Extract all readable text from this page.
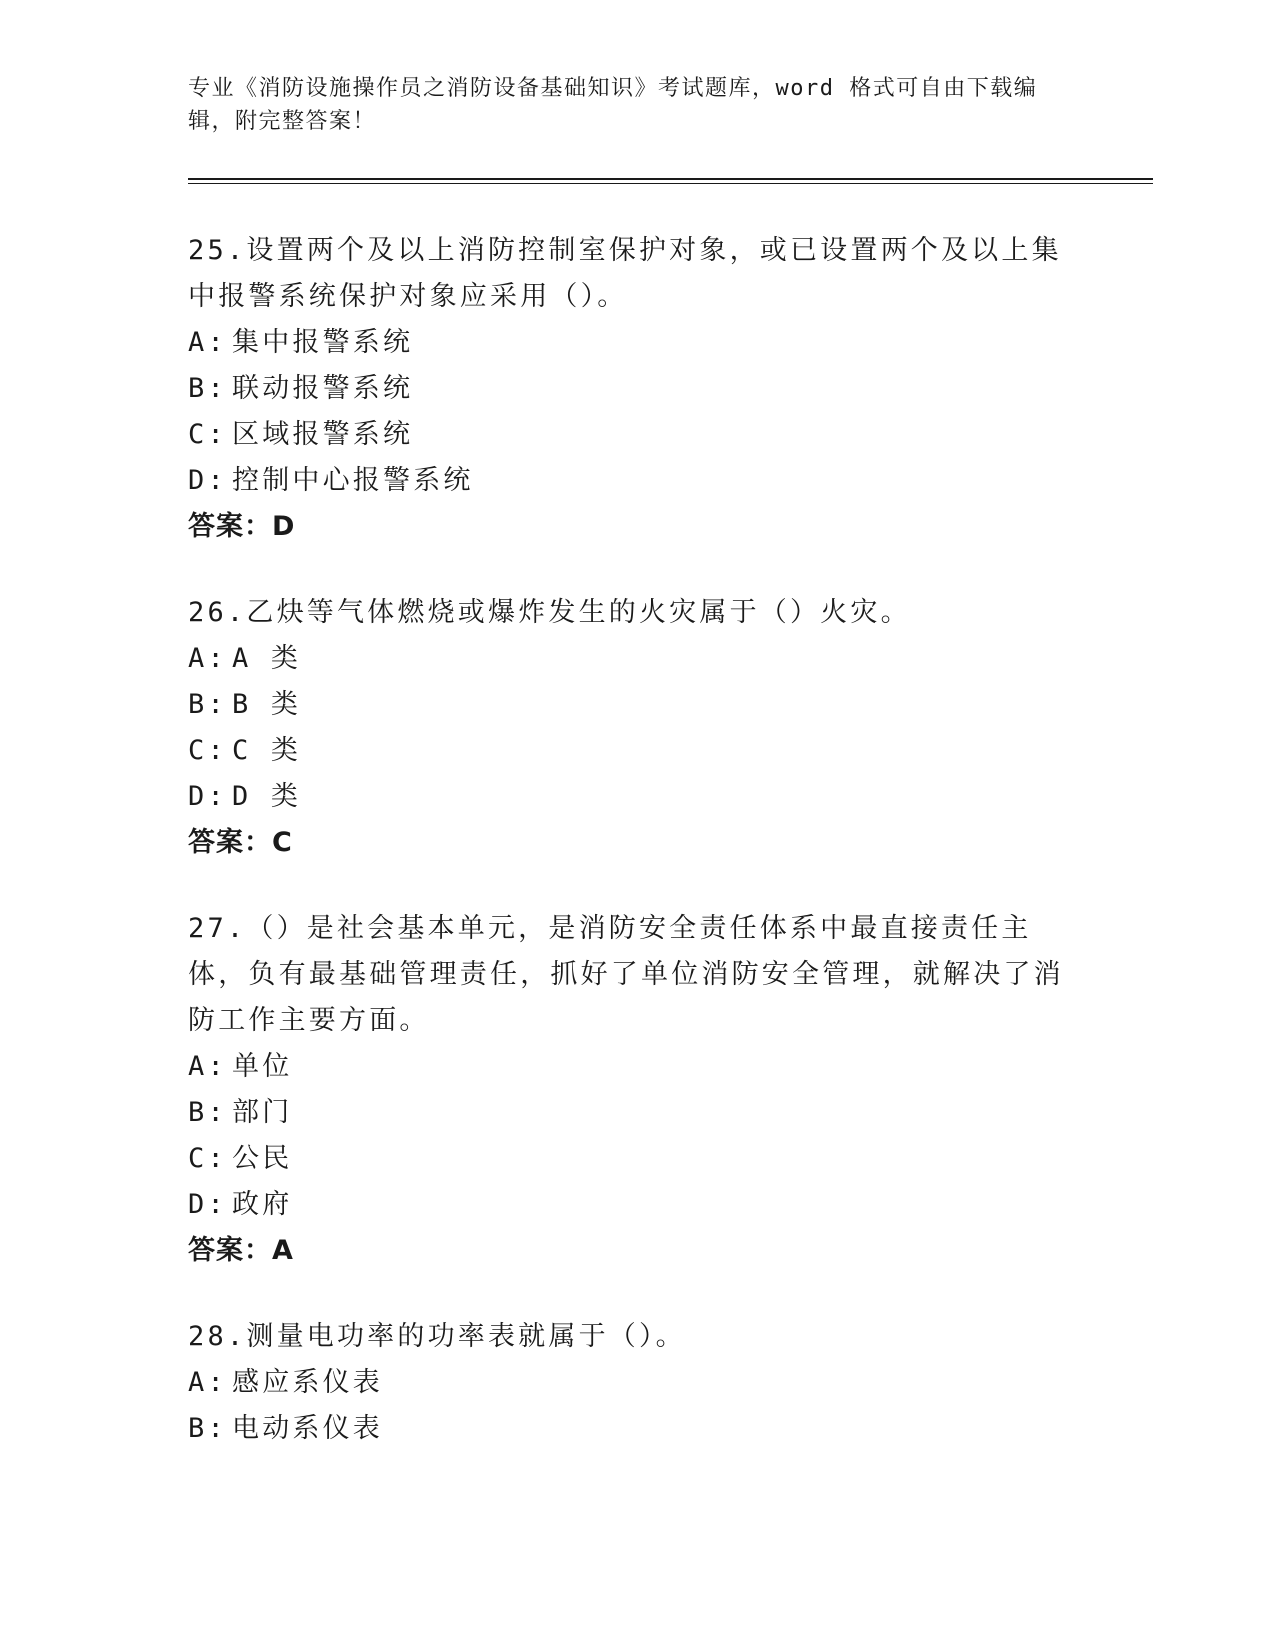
专业《消防设施操作员之消防设备基础知识》考试题库，word 格式可自由下载编
辑，附完整答案！
25.设置两个及以上消防控制室保护对象，或已设置两个及以上集中报警系统保护对象应采用（）。
A: 集中报警系统
B: 联动报警系统
C: 区域报警系统
D: 控制中心报警系统
答案：D
26.乙炔等气体燃烧或爆炸发生的火灾属于（）火灾。
A: A 类
B: B 类
C: C 类
D: D 类
答案：C
27.（）是社会基本单元，是消防安全责任体系中最直接责任主体，负有最基础管理责任，抓好了单位消防安全管理，就解决了消防工作主要方面。
A: 单位
B: 部门
C: 公民
D: 政府
答案：A
28.测量电功率的功率表就属于（）。
A: 感应系仪表
B: 电动系仪表
